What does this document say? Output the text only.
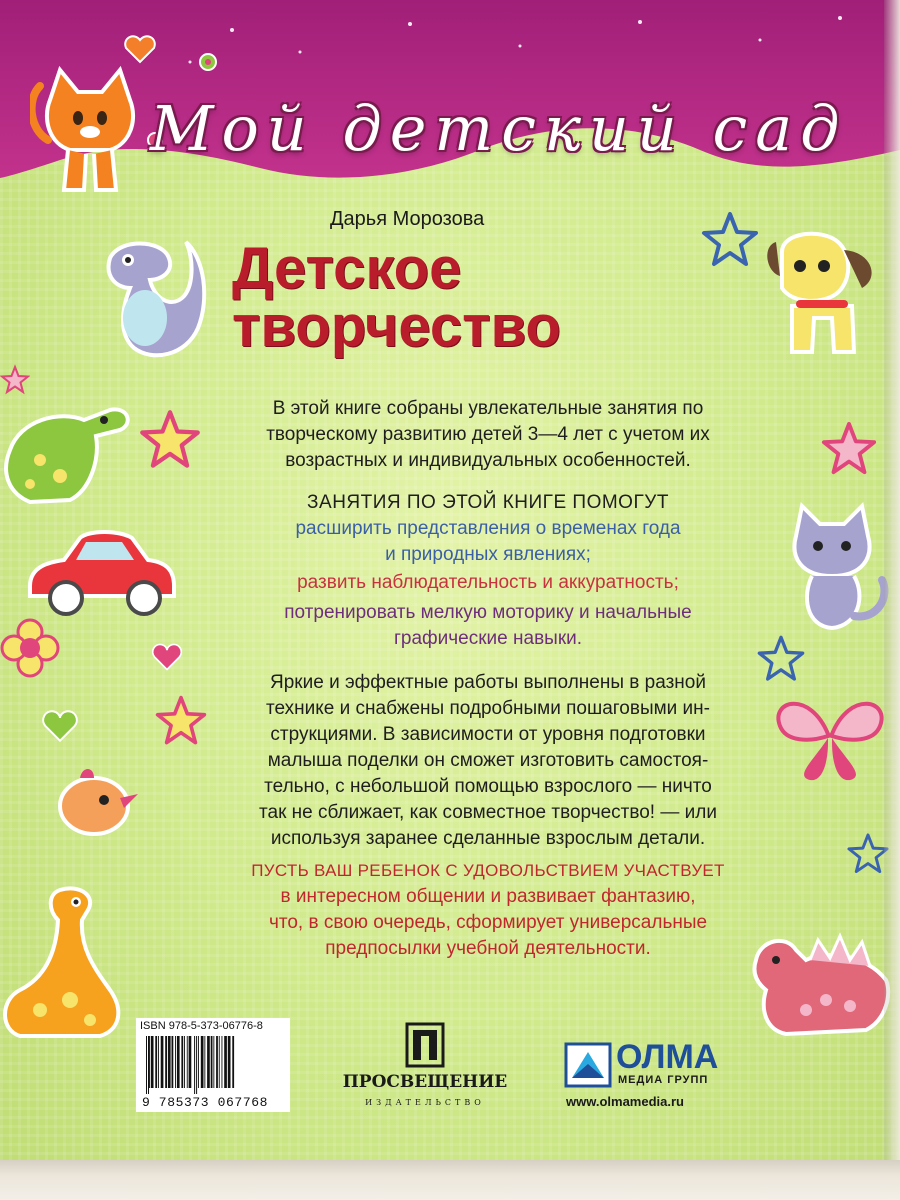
Мой детский сад
Дарья Морозова
Детское
творчество
В этой книге собраны увлекательные занятия по
творческому развитию детей 3—4 лет с учетом их
возрастных и индивидуальных особенностей.
ЗАНЯТИЯ ПО ЭТОЙ КНИГЕ ПОМОГУТ
расширить представления о временах года
и природных явлениях;
развить наблюдательность и аккуратность;
потренировать мелкую моторику и начальные
графические навыки.
Яркие и эффектные работы выполнены в разной
технике и снабжены подробными пошаговыми ин-
струкциями. В зависимости от уровня подготовки
малыша поделки он сможет изготовить самостоя-
тельно, с небольшой помощью взрослого — ничто
так не сближает, как совместное творчество! — или
используя заранее сделанные взрослым детали.
ПУСТЬ ВАШ РЕБЕНОК С УДОВОЛЬСТВИЕМ УЧАСТВУЕТ
в интересном общении и развивает фантазию,
что, в свою очередь, сформирует универсальные
предпосылки учебной деятельности.
ISBN 978-5-373-06776-8
9 785373 067768
ПРОСВЕЩЕНИЕ
ИЗДАТЕЛЬСТВО
ОЛМА
МЕДИА ГРУПП
www.olmamedia.ru
